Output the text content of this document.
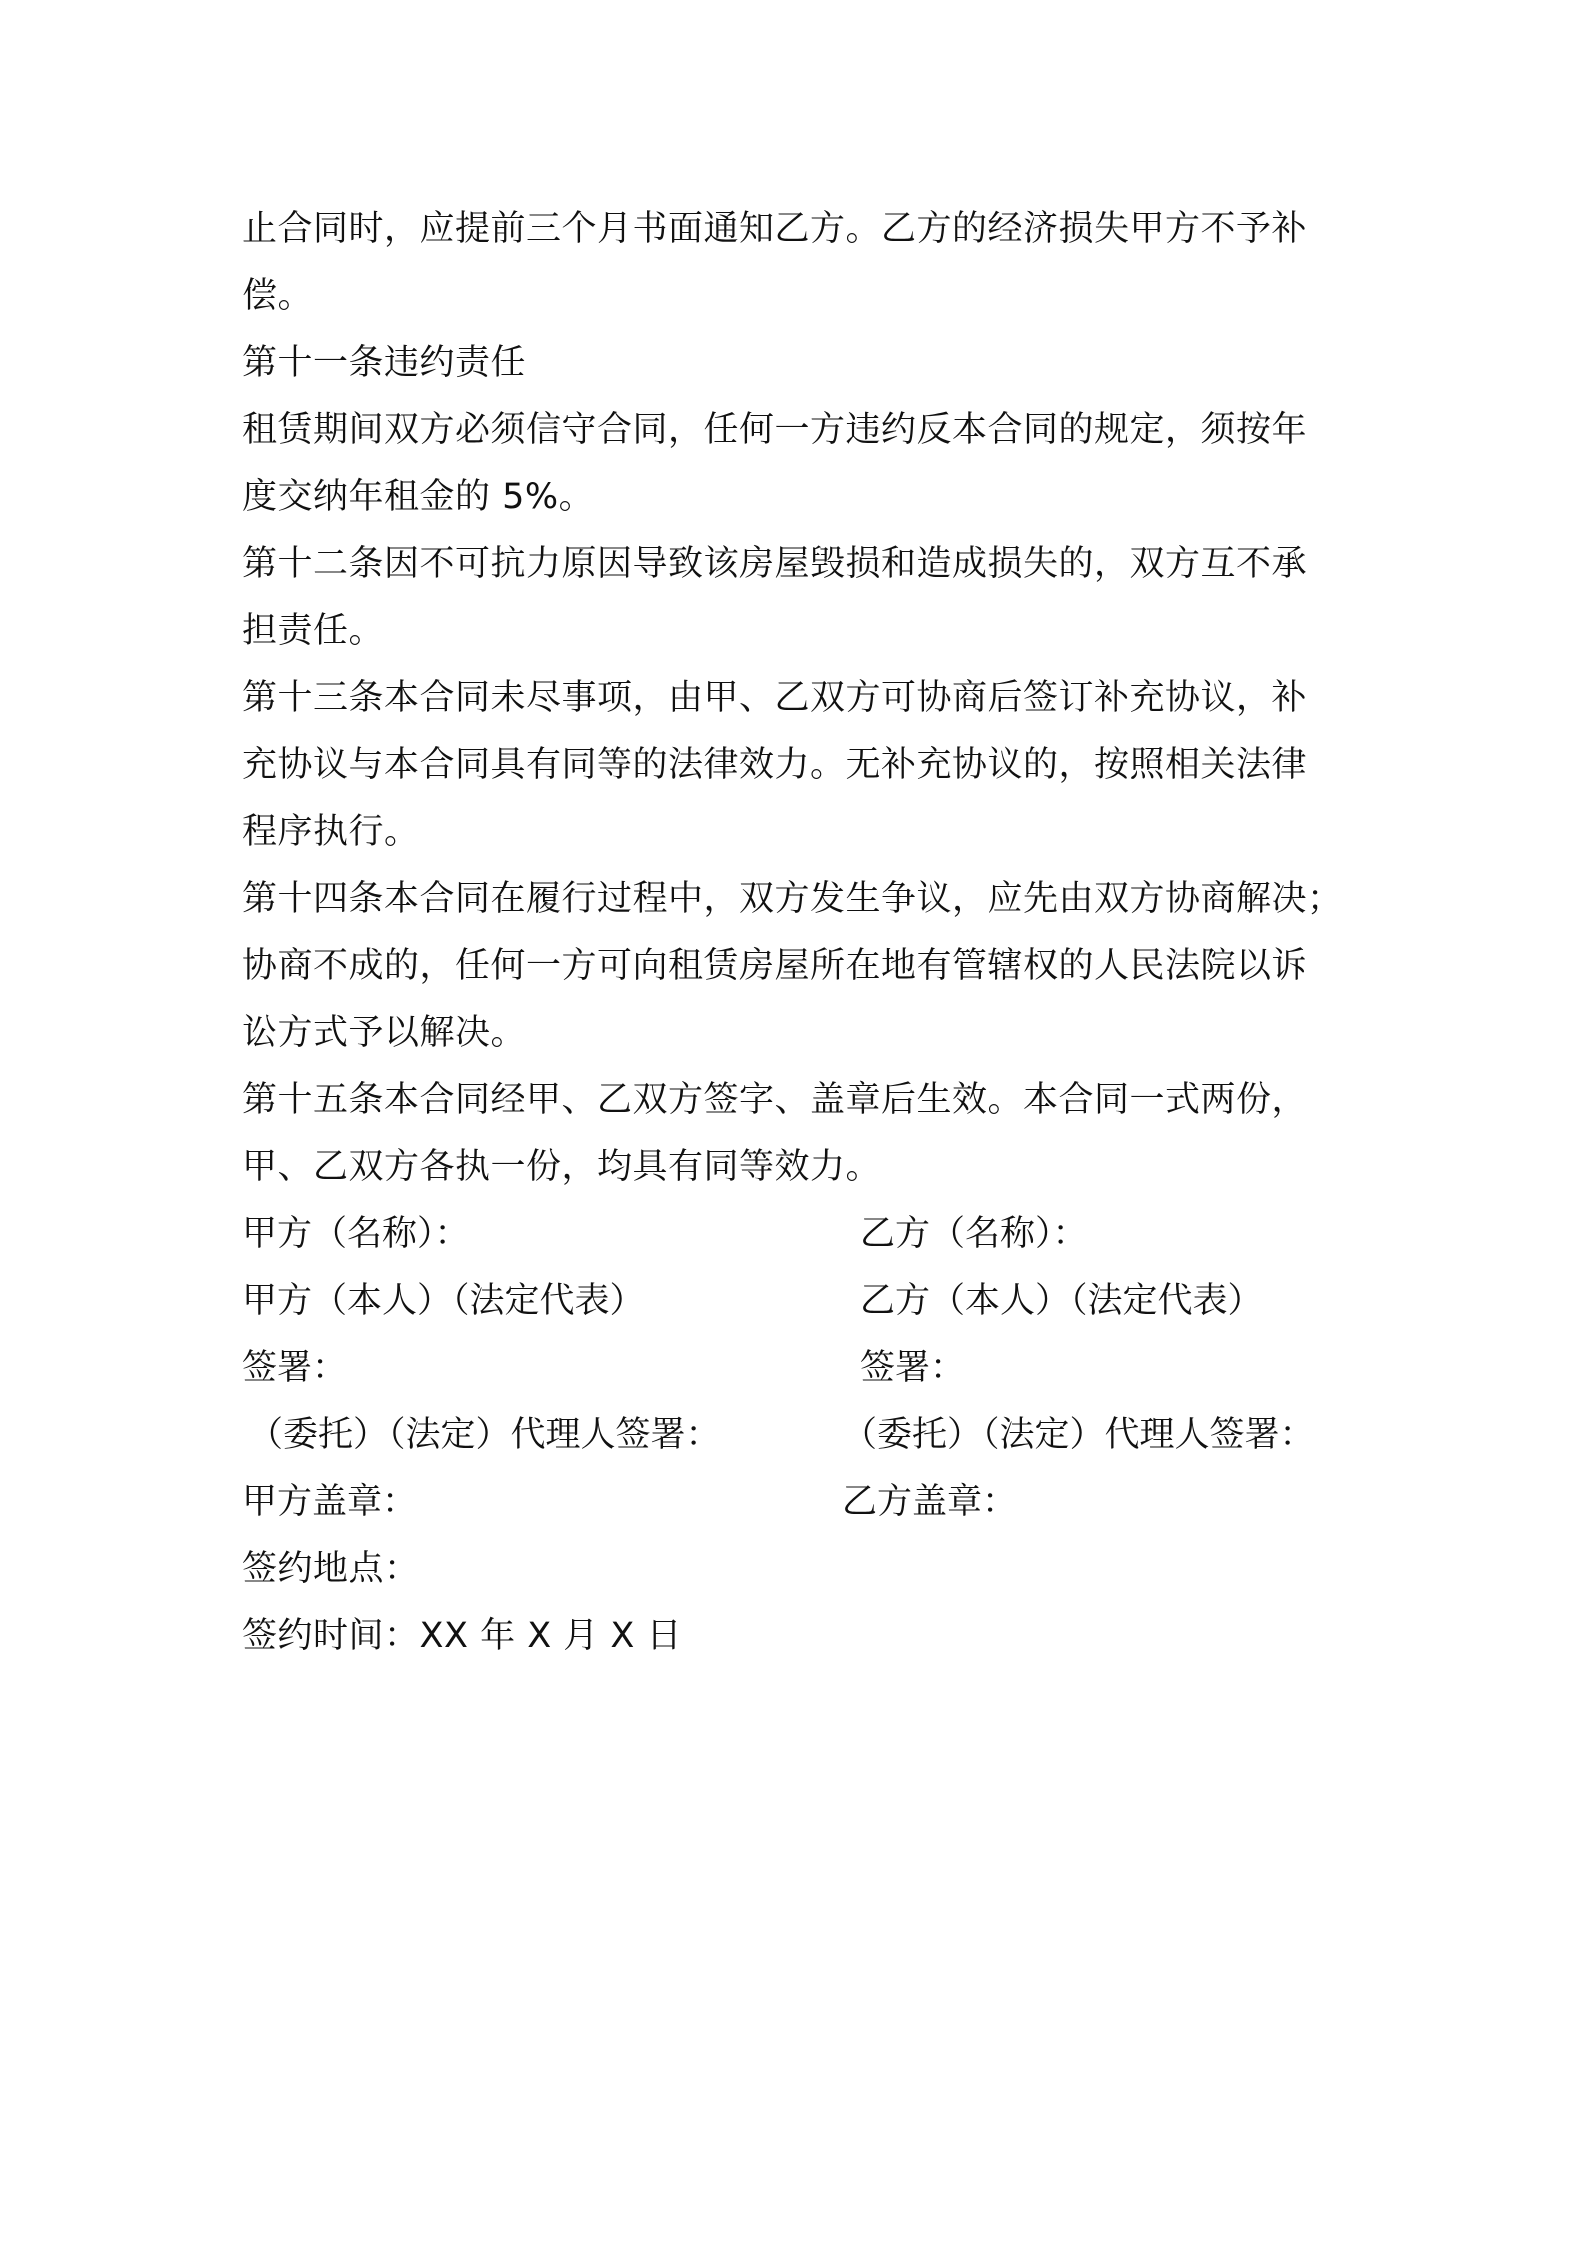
止合同时，应提前三个月书面通知乙方。乙方的经济损失甲方不予补
偿。
第十一条违约责任
租赁期间双方必须信守合同，任何一方违约反本合同的规定，须按年
度交纳年租金的 5%。
第十二条因不可抗力原因导致该房屋毁损和造成损失的，双方互不承
担责任。
第十三条本合同未尽事项，由甲、乙双方可协商后签订补充协议，补
充协议与本合同具有同等的法律效力。无补充协议的，按照相关法律
程序执行。
第十四条本合同在履行过程中，双方发生争议，应先由双方协商解决；
协商不成的，任何一方可向租赁房屋所在地有管辖权的人民法院以诉
讼方式予以解决。
第十五条本合同经甲、乙双方签字、盖章后生效。本合同一式两份，
甲、乙双方各执一份，均具有同等效力。
甲方（名称）：	乙方（名称）：
甲方（本人）（法定代表）	乙方（本人）（法定代表）
签署：	签署：
（委托）（法定）代理人签署：	（委托）（法定）代理人签署：
甲方盖章：	乙方盖章：
签约地点：
签约时间：XX 年 X 月 X 日
